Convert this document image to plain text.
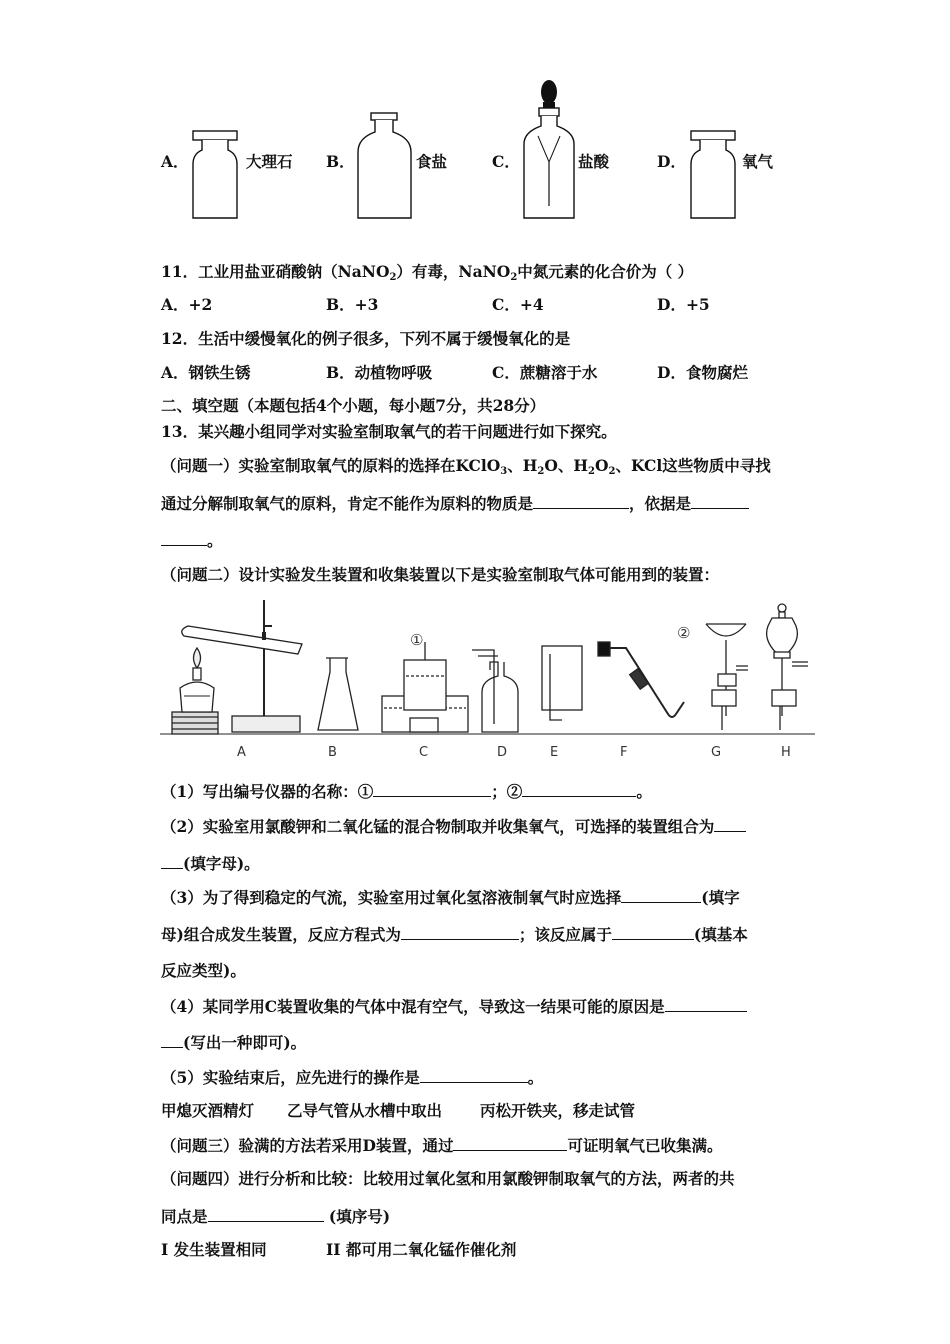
A．	大理石 B．	食盐	C．	盐酸	D．	氧气
11．工业用盐亚硝酸钠（NaNO$_2$）有毒，NaNO$_2$中氮元素的化合价为（ ）
A．+2	B．+3	C．+4	D．+5
12．生活中缓慢氧化的例子很多，下列不属于缓慢氧化的是
A．钢铁生锈	B．动植物呼吸	C．蔗糖溶于水	D．食物腐烂
二、填空题（本题包括4个小题，每小题7分，共28分）
13．某兴趣小组同学对实验室制取氧气的若干问题进行如下探究。
（问题一）实验室制取氧气的原料的选择在KClO$_3$、$H_2O$、$H_2O_2$、KCl这些物质中寻找
通过分解制取氧气的原料，肯定不能作为原料的物质是	，依据是
。
（问题二）设计实验发生装置和收集装置以下是实验室制取气体可能用到的装置：
①	②
A	B	C	D	E	F	G	H
（1）写出编号仪器的名称：①	；②	。
（2）实验室用氯酸钾和二氧化锰的混合物制取并收集氧气，可选择的装置组合为
(填字母)。
（3）为了得到稳定的气流，实验室用过氧化氢溶液制氧气时应选择	(填字
母)组合成发生装置，反应方程式为	；该反应属于	(填基本
反应类型)。
（4）某同学用C装置收集的气体中混有空气，导致这一结果可能的原因是
(写出一种即可)。
（5）实验结束后，应先进行的操作是	。
甲熄灭酒精灯 乙导气管从水槽中取出 丙松开铁夹，移走试管
（问题三）验满的方法若采用D装置，通过	可证明氧气已收集满。
（问题四）进行分析和比较：比较用过氧化氢和用氯酸钾制取氧气的方法，两者的共
同点是	(填序号)
I 发生装置相同	II 都可用二氧化锰作催化剂
